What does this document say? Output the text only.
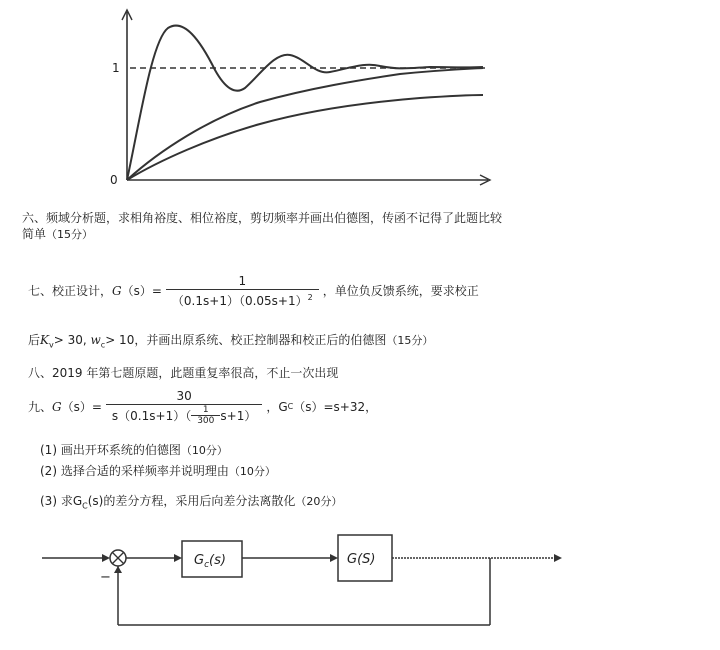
1
0
六、频域分析题，求相角裕度、相位裕度，剪切频率并画出伯德图，传函不记得了此题比较
简单（15分）
七、校正设计， G $(s)= \frac{1}{(0.1s+1)(0.05s+1)^2}$ ，单位负反馈系统，要求校正
后$K_v> 30$, $w_c> 10$，并画出原系统、校正控制器和校正后的伯德图（15分）
八、2019 年第七题原题，此题重复率很高，不止一次出现
九、 G $(s)= \frac{30}{s(0.1s+1)( \frac{1}{300} s+1)}$ ，G C （s）=s+32，
(1) 画出开环系统的伯德图（10分）
(2) 选择合适的采样频率并说明理由（10分）
(3) 求$G_C(s)$的差分方程，采用后向差分法离散化（20分）
−
$G_c(s)$	G(S)
